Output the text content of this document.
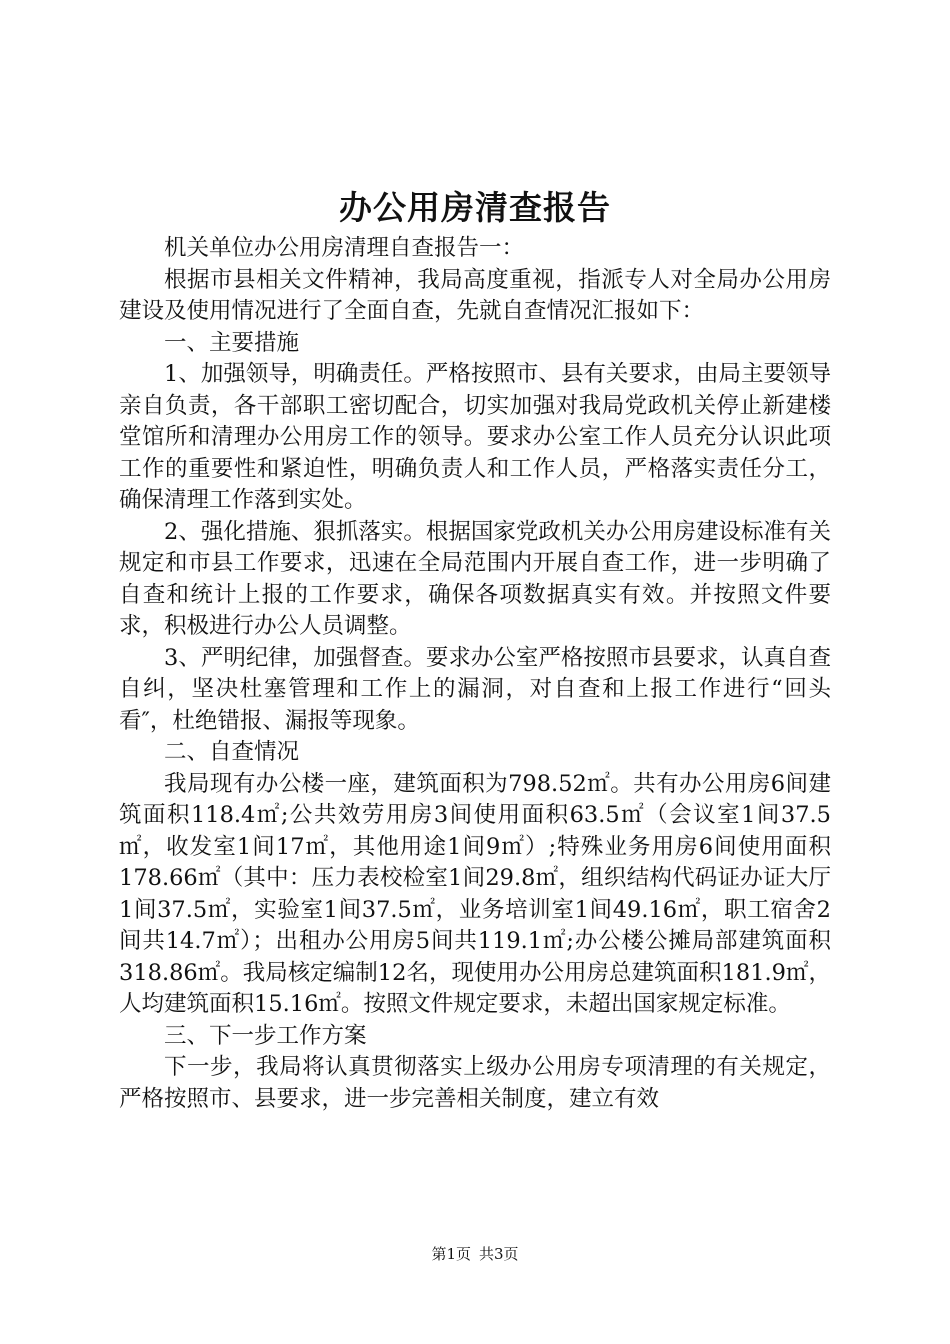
办公用房清查报告

机关单位办公用房清理自查报告一：

根据市县相关文件精神，我局高度重视，指派专人对全局办公用房建设及使用情况进行了全面自查，先就自查情况汇报如下：

一、主要措施

1、加强领导，明确责任。严格按照市、县有关要求，由局主要领导亲自负责，各干部职工密切配合，切实加强对我局党政机关停止新建楼堂馆所和清理办公用房工作的领导。要求办公室工作人员充分认识此项工作的重要性和紧迫性，明确负责人和工作人员，严格落实责任分工，确保清理工作落到实处。

2、强化措施、狠抓落实。根据国家党政机关办公用房建设标准有关规定和市县工作要求，迅速在全局范围内开展自查工作，进一步明确了自查和统计上报的工作要求，确保各项数据真实有效。并按照文件要求，积极进行办公人员调整。

3、严明纪律，加强督查。要求办公室严格按照市县要求，认真自查自纠，坚决杜塞管理和工作上的漏洞，对自查和上报工作进行“回头看″，杜绝错报、漏报等现象。

二、自查情况

我局现有办公楼一座，建筑面积为798.52㎡。共有办公用房6间建筑面积118.4㎡;公共效劳用房3间使用面积63.5㎡（会议室1间37.5㎡，收发室1间17㎡，其他用途1间9㎡）;特殊业务用房6间使用面积178.66㎡（其中：压力表校检室1间29.8㎡，组织结构代码证办证大厅1间37.5㎡，实验室1间37.5㎡，业务培训室1间49.16㎡，职工宿舍2间共14.7㎡）；出租办公用房5间共119.1㎡;办公楼公摊局部建筑面积318.86㎡。我局核定编制12名，现使用办公用房总建筑面积181.9㎡，人均建筑面积15.16㎡。按照文件规定要求，未超出国家规定标准。

三、下一步工作方案

下一步，我局将认真贯彻落实上级办公用房专项清理的有关规定，严格按照市、县要求，进一步完善相关制度，建立有效

第1页 共3页
